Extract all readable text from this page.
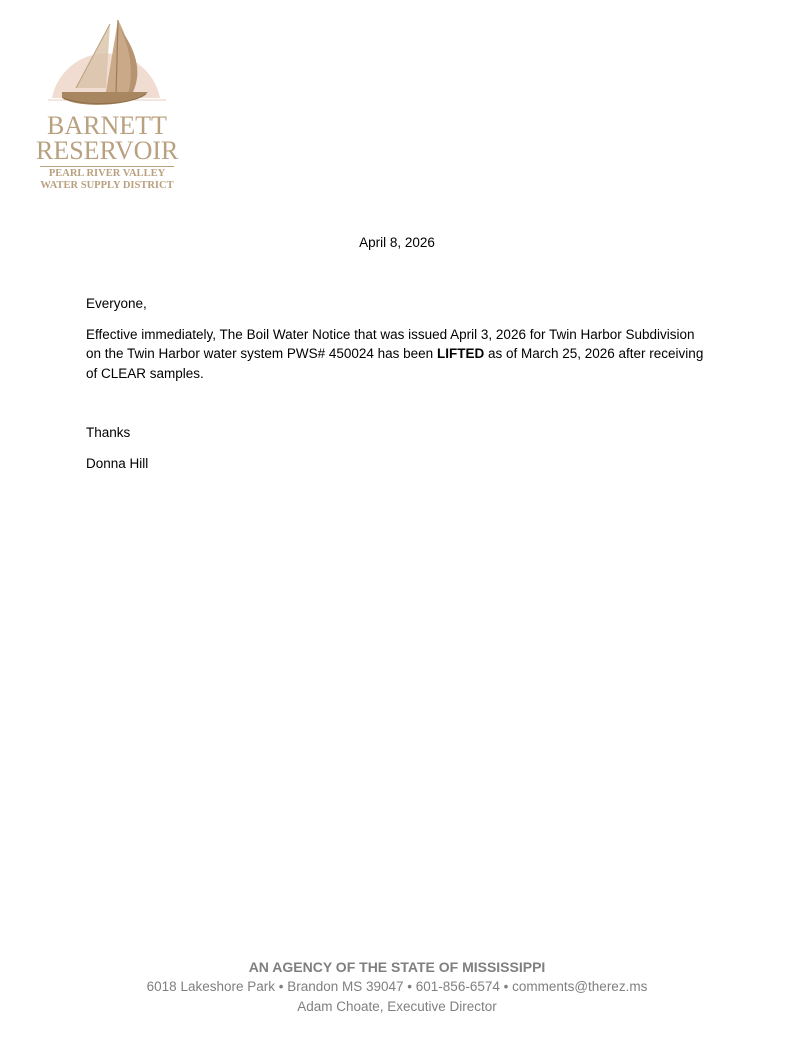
BARNETT
RESERVOIR
PEARL RIVER VALLEY
WATER SUPPLY DISTRICT
April 8, 2026

Everyone,

Effective immediately, The Boil Water Notice that was issued April 3, 2026 for Twin Harbor Subdivision on the Twin Harbor water system PWS# 450024 has been LIFTED as of March 25, 2026 after receiving of CLEAR samples.

Thanks

Donna Hill

AN AGENCY OF THE STATE OF MISSISSIPPI
6018 Lakeshore Park • Brandon MS 39047 • 601-856-6574 • comments@therez.ms
Adam Choate, Executive Director
